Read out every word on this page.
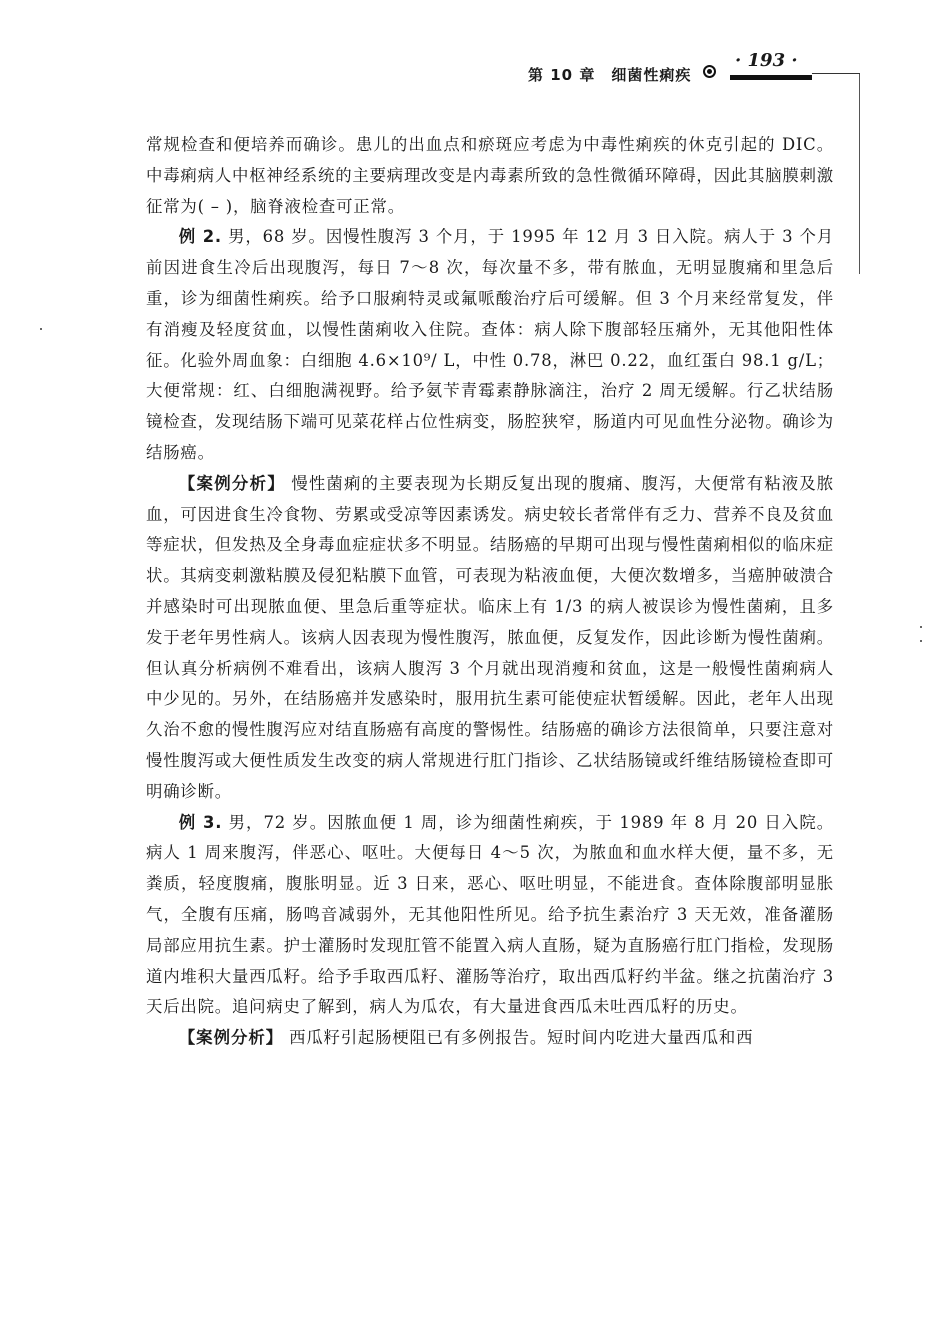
第 10 章　细菌性痢疾
· 193 ·

常规检查和便培养而确诊。患儿的出血点和瘀斑应考虑为中毒性痢疾的休克引起的 DIC。中毒痢病人中枢神经系统的主要病理改变是内毒素所致的急性微循环障碍，因此其脑膜刺激征常为( – )，脑脊液检查可正常。

例 2. 男，68 岁。因慢性腹泻 3 个月，于 1995 年 12 月 3 日入院。病人于 3 个月前因进食生冷后出现腹泻，每日 7～8 次，每次量不多，带有脓血，无明显腹痛和里急后重，诊为细菌性痢疾。给予口服痢特灵或氟哌酸治疗后可缓解。但 3 个月来经常复发，伴有消瘦及轻度贫血，以慢性菌痢收入住院。查体：病人除下腹部轻压痛外，无其他阳性体征。化验外周血象：白细胞 4.6×10⁹/ L，中性 0.78，淋巴 0.22，血红蛋白 98.1 g/L；大便常规：红、白细胞满视野。给予氨苄青霉素静脉滴注，治疗 2 周无缓解。行乙状结肠镜检查，发现结肠下端可见菜花样占位性病变，肠腔狭窄，肠道内可见血性分泌物。确诊为结肠癌。

【案例分析】 慢性菌痢的主要表现为长期反复出现的腹痛、腹泻，大便常有粘液及脓血，可因进食生冷食物、劳累或受凉等因素诱发。病史较长者常伴有乏力、营养不良及贫血等症状，但发热及全身毒血症症状多不明显。结肠癌的早期可出现与慢性菌痢相似的临床症状。其病变刺激粘膜及侵犯粘膜下血管，可表现为粘液血便，大便次数增多，当癌肿破溃合并感染时可出现脓血便、里急后重等症状。临床上有 1/3 的病人被误诊为慢性菌痢，且多发于老年男性病人。该病人因表现为慢性腹泻，脓血便，反复发作，因此诊断为慢性菌痢。但认真分析病例不难看出，该病人腹泻 3 个月就出现消瘦和贫血，这是一般慢性菌痢病人中少见的。另外，在结肠癌并发感染时，服用抗生素可能使症状暂缓解。因此，老年人出现久治不愈的慢性腹泻应对结直肠癌有高度的警惕性。结肠癌的确诊方法很简单，只要注意对慢性腹泻或大便性质发生改变的病人常规进行肛门指诊、乙状结肠镜或纤维结肠镜检查即可明确诊断。

例 3. 男，72 岁。因脓血便 1 周，诊为细菌性痢疾，于 1989 年 8 月 20 日入院。病人 1 周来腹泻，伴恶心、呕吐。大便每日 4～5 次，为脓血和血水样大便，量不多，无粪质，轻度腹痛，腹胀明显。近 3 日来，恶心、呕吐明显，不能进食。查体除腹部明显胀气，全腹有压痛，肠鸣音减弱外，无其他阳性所见。给予抗生素治疗 3 天无效，准备灌肠局部应用抗生素。护士灌肠时发现肛管不能置入病人直肠，疑为直肠癌行肛门指检，发现肠道内堆积大量西瓜籽。给予手取西瓜籽、灌肠等治疗，取出西瓜籽约半盆。继之抗菌治疗 3 天后出院。追问病史了解到，病人为瓜农，有大量进食西瓜未吐西瓜籽的历史。

【案例分析】 西瓜籽引起肠梗阻已有多例报告。短时间内吃进大量西瓜和西
